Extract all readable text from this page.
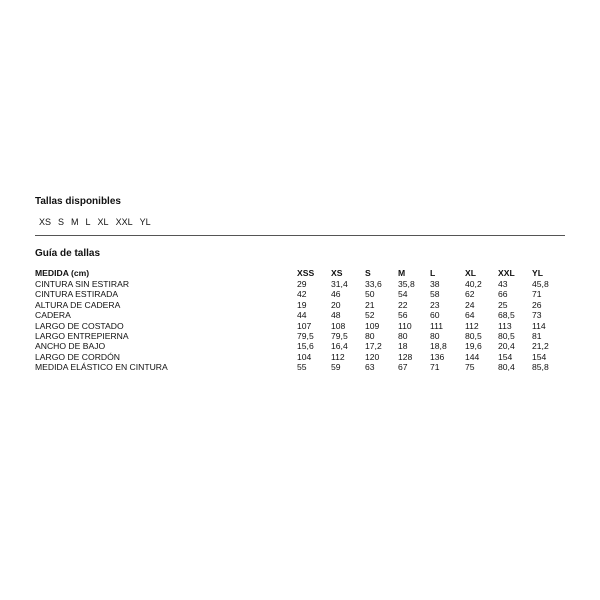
Tallas disponibles
XS S M L XL XXL YL
Guía de tallas
MEDIDA (cm)	XSS	XS	S	M	L	XL	XXL	YL
CINTURA SIN ESTIRAR	29	31,4	33,6	35,8	38	40,2	43	45,8
CINTURA ESTIRADA	42	46	50	54	58	62	66	71
ALTURA DE CADERA	19	20	21	22	23	24	25	26
CADERA	44	48	52	56	60	64	68,5	73
LARGO DE COSTADO	107	108	109	110	111	112	113	114
LARGO ENTREPIERNA	79,5	79,5	80	80	80	80,5	80,5	81
ANCHO DE BAJO	15,6	16,4	17,2	18	18,8	19,6	20,4	21,2
LARGO DE CORDÓN	104	112	120	128	136	144	154	154
MEDIDA ELÁSTICO EN CINTURA	55	59	63	67	71	75	80,4	85,8
